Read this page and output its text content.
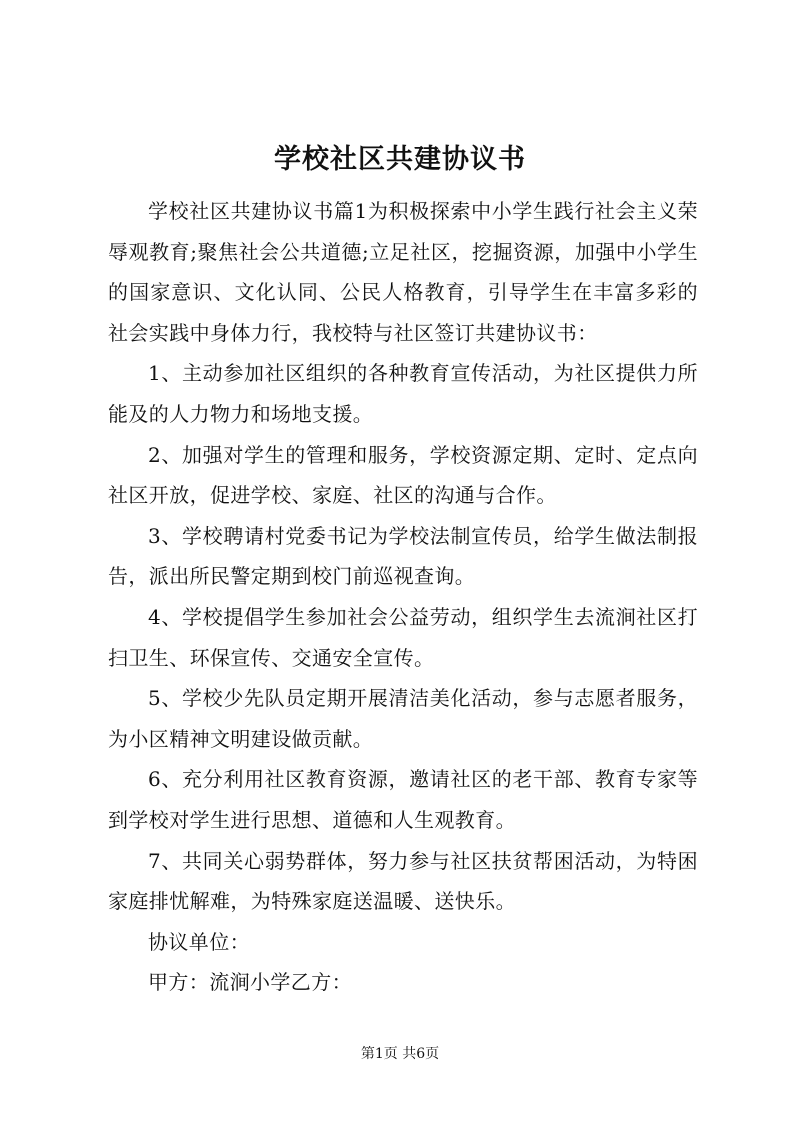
学校社区共建协议书

学校社区共建协议书篇1为积极探索中小学生践行社会主义荣辱观教育;聚焦社会公共道德;立足社区，挖掘资源，加强中小学生的国家意识、文化认同、公民人格教育，引导学生在丰富多彩的社会实践中身体力行，我校特与社区签订共建协议书：

1、主动参加社区组织的各种教育宣传活动，为社区提供力所能及的人力物力和场地支援。

2、加强对学生的管理和服务，学校资源定期、定时、定点向社区开放，促进学校、家庭、社区的沟通与合作。

3、学校聘请村党委书记为学校法制宣传员，给学生做法制报告，派出所民警定期到校门前巡视查询。

4、学校提倡学生参加社会公益劳动，组织学生去流涧社区打扫卫生、环保宣传、交通安全宣传。

5、学校少先队员定期开展清洁美化活动，参与志愿者服务，为小区精神文明建设做贡献。

6、充分利用社区教育资源，邀请社区的老干部、教育专家等到学校对学生进行思想、道德和人生观教育。

7、共同关心弱势群体，努力参与社区扶贫帮困活动，为特困家庭排忧解难，为特殊家庭送温暖、送快乐。

协议单位：

甲方：流涧小学乙方：

第1页 共6页
